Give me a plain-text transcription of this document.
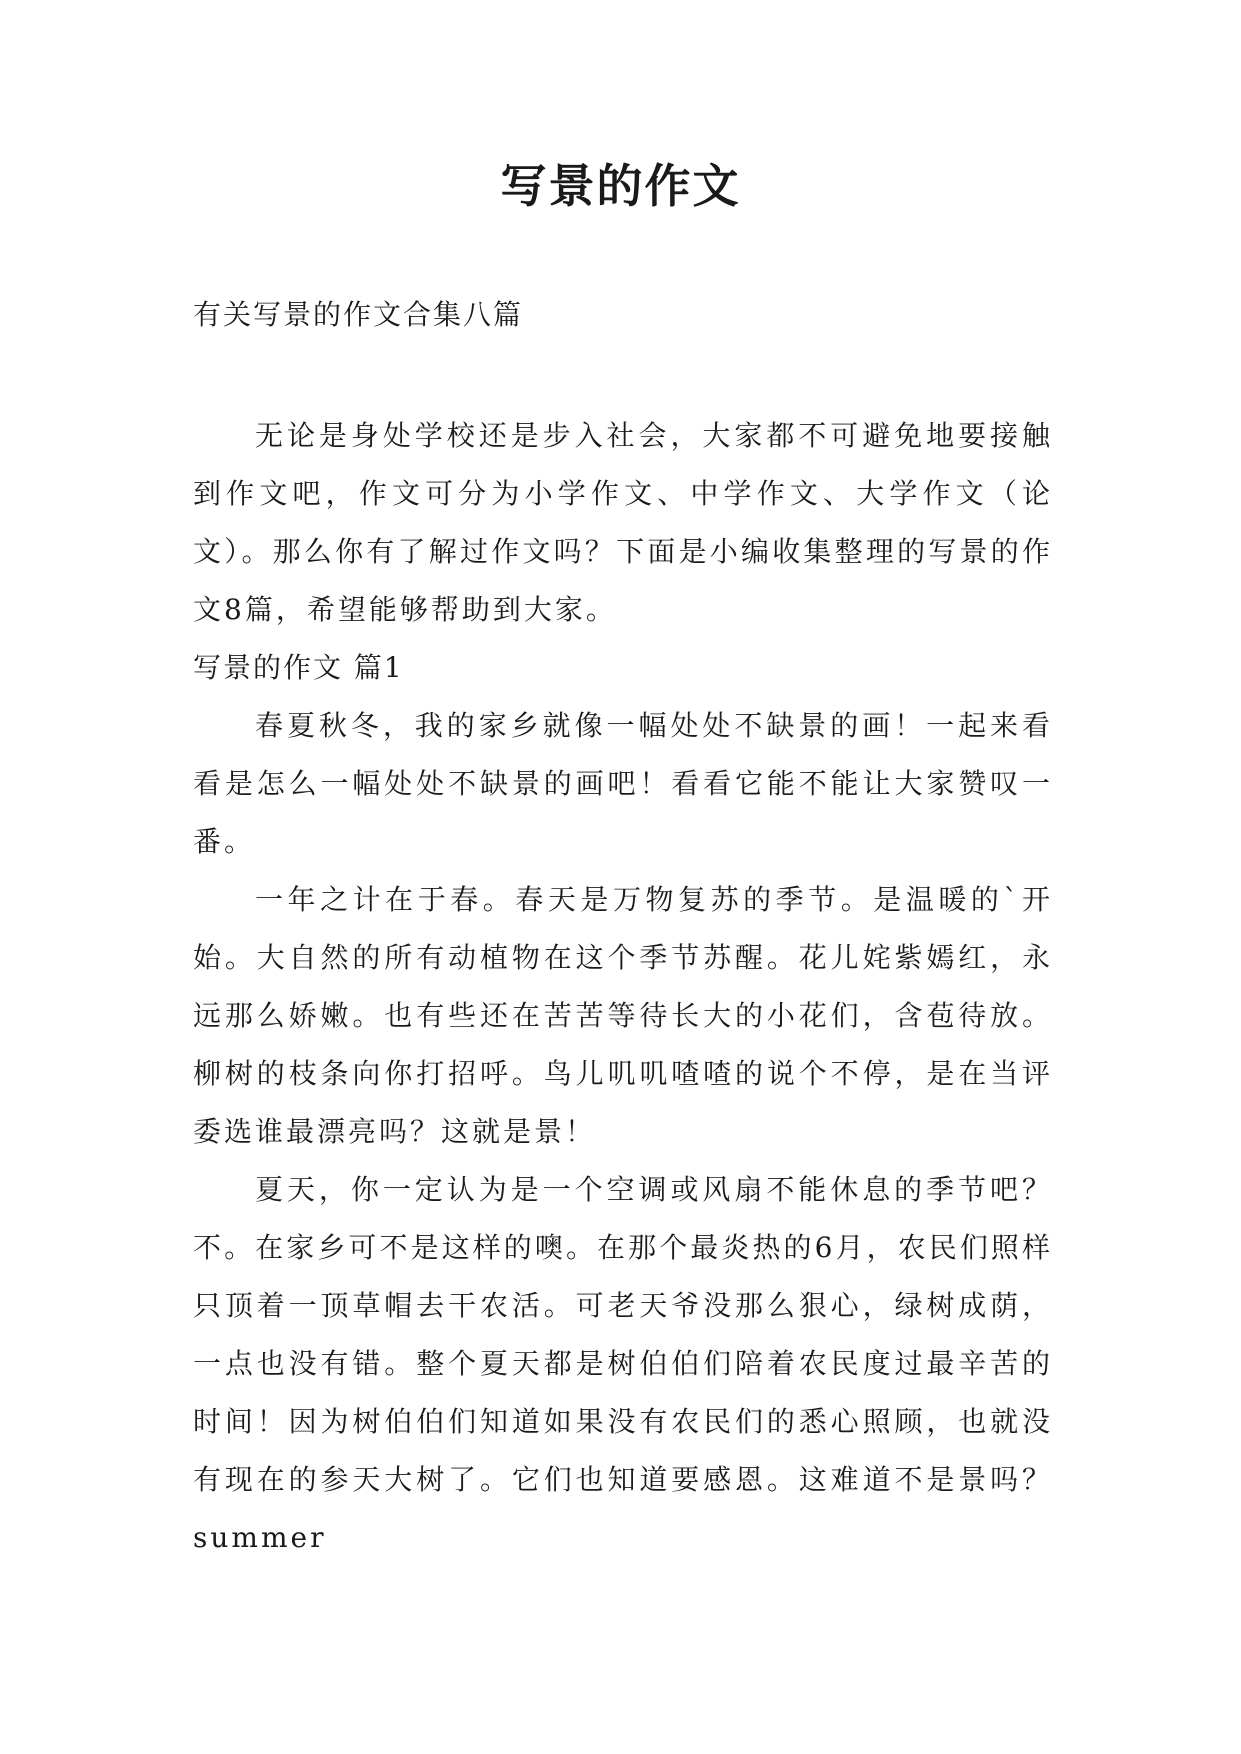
写景的作文
有关写景的作文合集八篇

无论是身处学校还是步入社会，大家都不可避免地要接触到作文吧，作文可分为小学作文、中学作文、大学作文（论文）。那么你有了解过作文吗？下面是小编收集整理的写景的作文8篇，希望能够帮助到大家。

写景的作文 篇1

春夏秋冬，我的家乡就像一幅处处不缺景的画！一起来看看是怎么一幅处处不缺景的画吧！看看它能不能让大家赞叹一番。

一年之计在于春。春天是万物复苏的季节。是温暖的`开始。大自然的所有动植物在这个季节苏醒。花儿姹紫嫣红，永远那么娇嫩。也有些还在苦苦等待长大的小花们，含苞待放。柳树的枝条向你打招呼。鸟儿叽叽喳喳的说个不停，是在当评委选谁最漂亮吗？这就是景！

夏天，你一定认为是一个空调或风扇不能休息的季节吧？不。在家乡可不是这样的噢。在那个最炎热的6月，农民们照样只顶着一顶草帽去干农活。可老天爷没那么狠心，绿树成荫，一点也没有错。整个夏天都是树伯伯们陪着农民度过最辛苦的时间！因为树伯伯们知道如果没有农民们的悉心照顾，也就没有现在的参天大树了。它们也知道要感恩。这难道不是景吗？summer
